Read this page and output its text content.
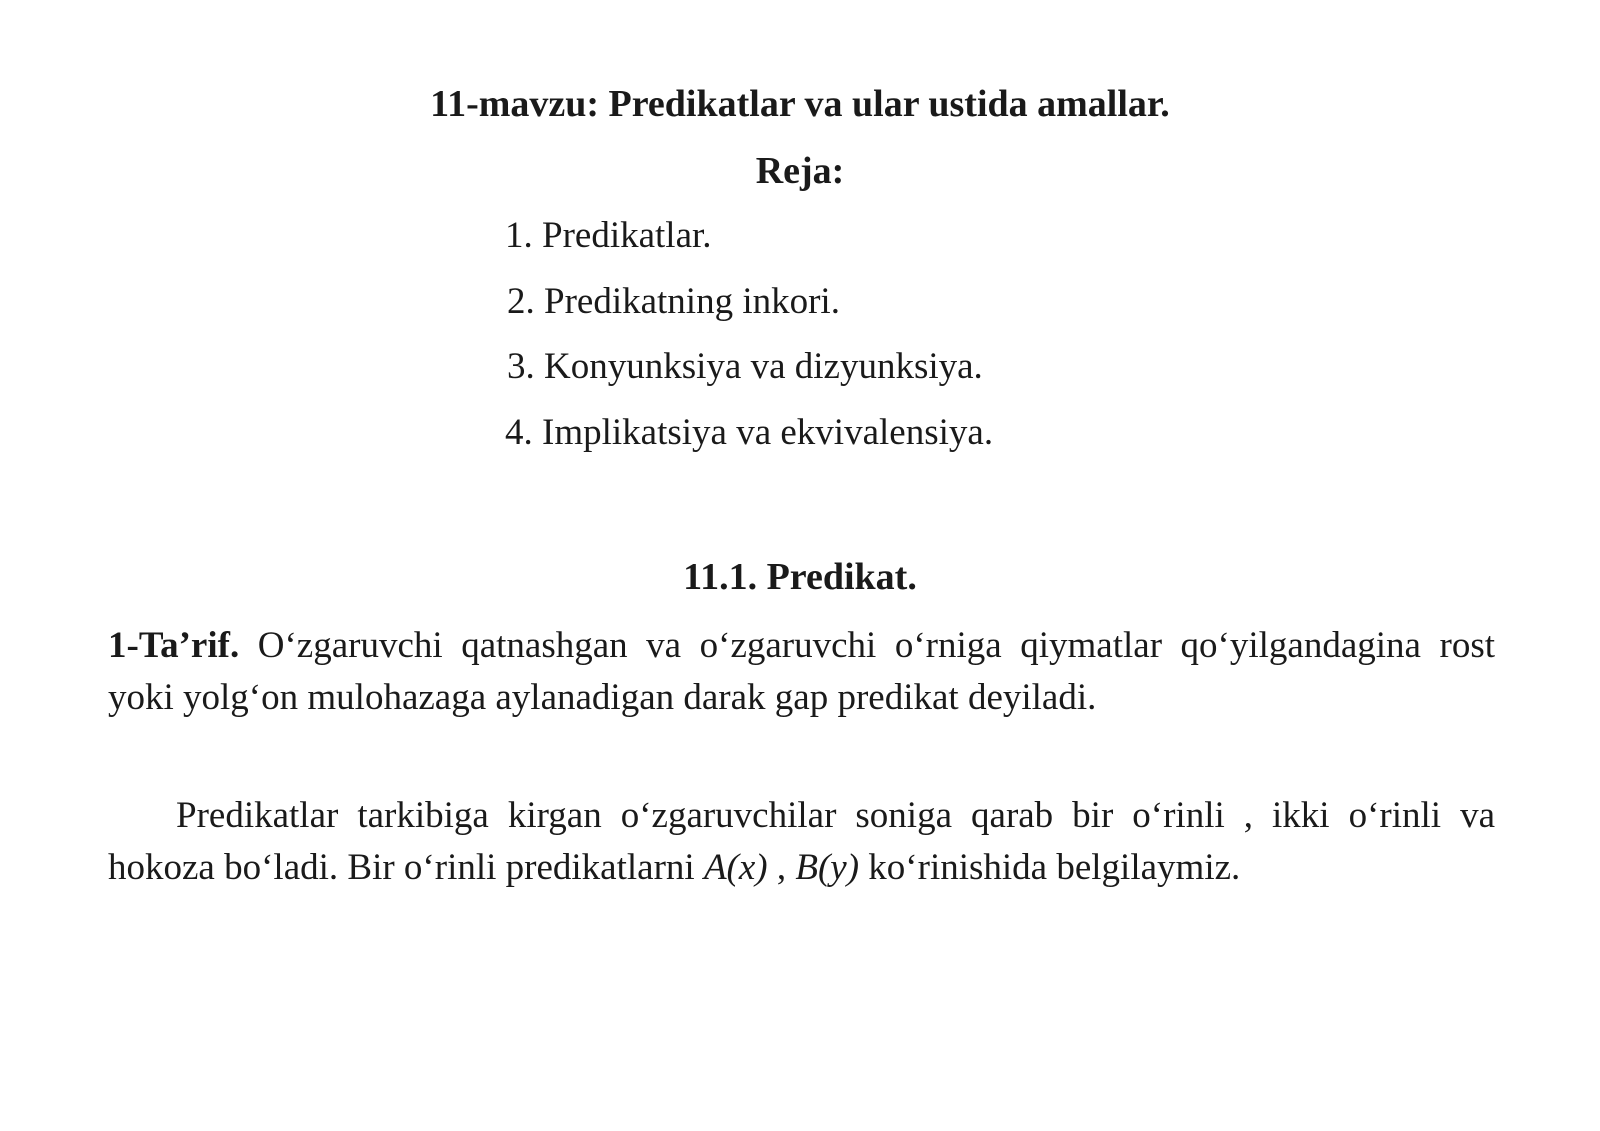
11-mavzu: Predikatlar va ular ustida amallar.
Reja:
1. Predikatlar.
2. Predikatning inkori.
3. Konyunksiya va dizyunksiya.
4. Implikatsiya va ekvivalensiya.
11.1. Predikat.
1-Ta’rif. O‘zgaruvchi qatnashgan va o‘zgaruvchi o‘rniga qiymatlar qo‘yilgandagina rost yoki yolg‘on mulohazaga aylanadigan darak gap predikat deyiladi.
Predikatlar tarkibiga kirgan o‘zgaruvchilar soniga qarab bir o‘rinli , ikki o‘rinli va hokoza bo‘ladi. Bir o‘rinli predikatlarni A(x) , B(y) ko‘rinishida belgilaymiz.
